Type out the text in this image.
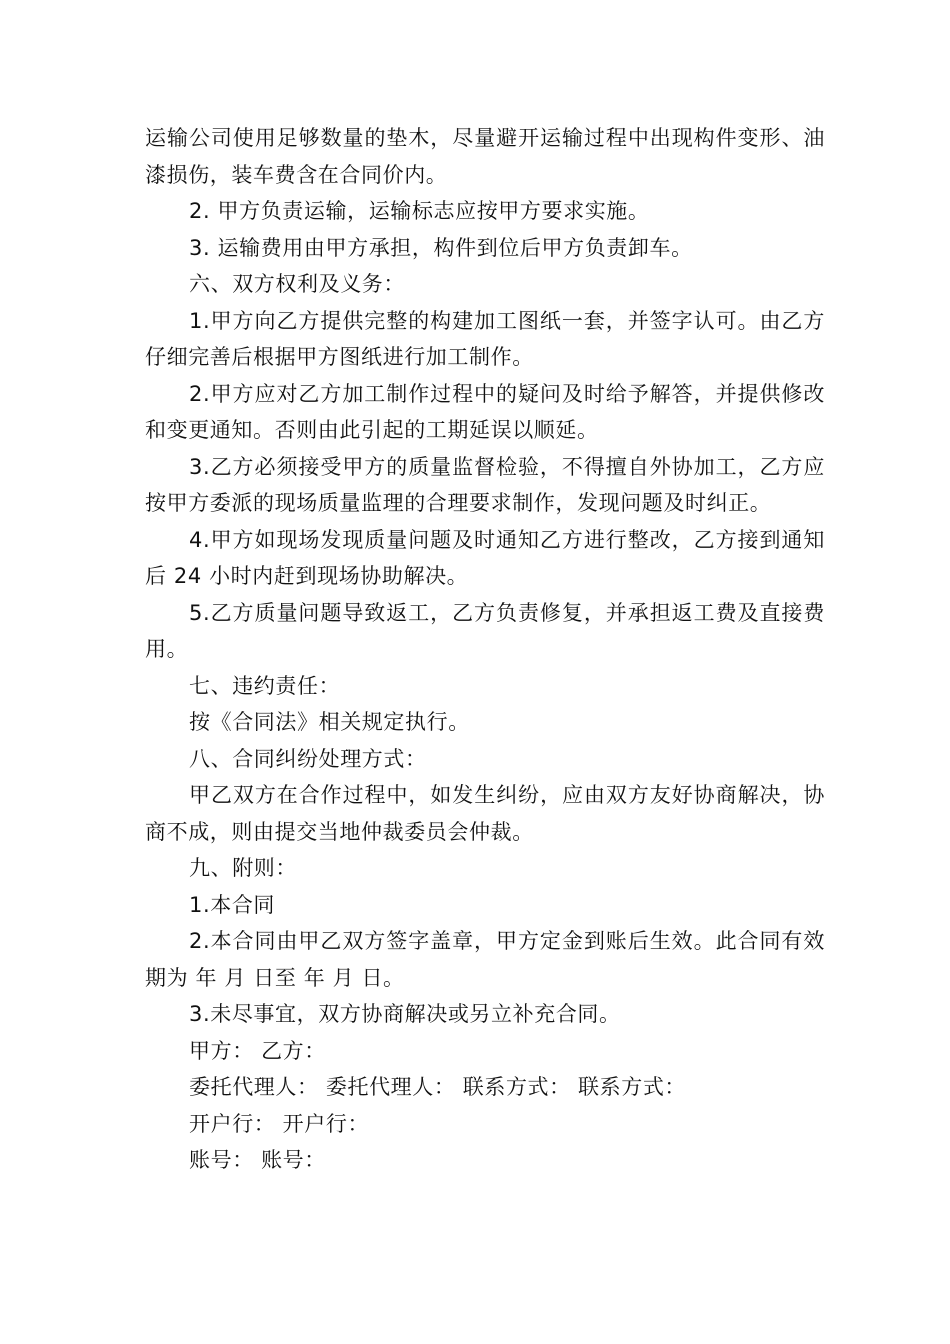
运输公司使用足够数量的垫木，尽量避开运输过程中出现构件变形、油漆损伤，装车费含在合同价内。

2. 甲方负责运输，运输标志应按甲方要求实施。

3. 运输费用由甲方承担，构件到位后甲方负责卸车。

六、双方权利及义务：

1.甲方向乙方提供完整的构建加工图纸一套，并签字认可。由乙方仔细完善后根据甲方图纸进行加工制作。

2.甲方应对乙方加工制作过程中的疑问及时给予解答，并提供修改和变更通知。否则由此引起的工期延误以顺延。

3.乙方必须接受甲方的质量监督检验，不得擅自外协加工，乙方应按甲方委派的现场质量监理的合理要求制作，发现问题及时纠正。

4.甲方如现场发现质量问题及时通知乙方进行整改，乙方接到通知后 24 小时内赶到现场协助解决。

5.乙方质量问题导致返工，乙方负责修复，并承担返工费及直接费用。

七、违约责任：

按《合同法》相关规定执行。

八、合同纠纷处理方式：

甲乙双方在合作过程中，如发生纠纷，应由双方友好协商解决，协商不成，则由提交当地仲裁委员会仲裁。

九、附则：

1.本合同

2.本合同由甲乙双方签字盖章，甲方定金到账后生效。此合同有效期为 年 月 日至 年 月 日。

3.未尽事宜，双方协商解决或另立补充合同。

甲方： 乙方：

委托代理人： 委托代理人： 联系方式： 联系方式：

开户行： 开户行：

账号： 账号：
